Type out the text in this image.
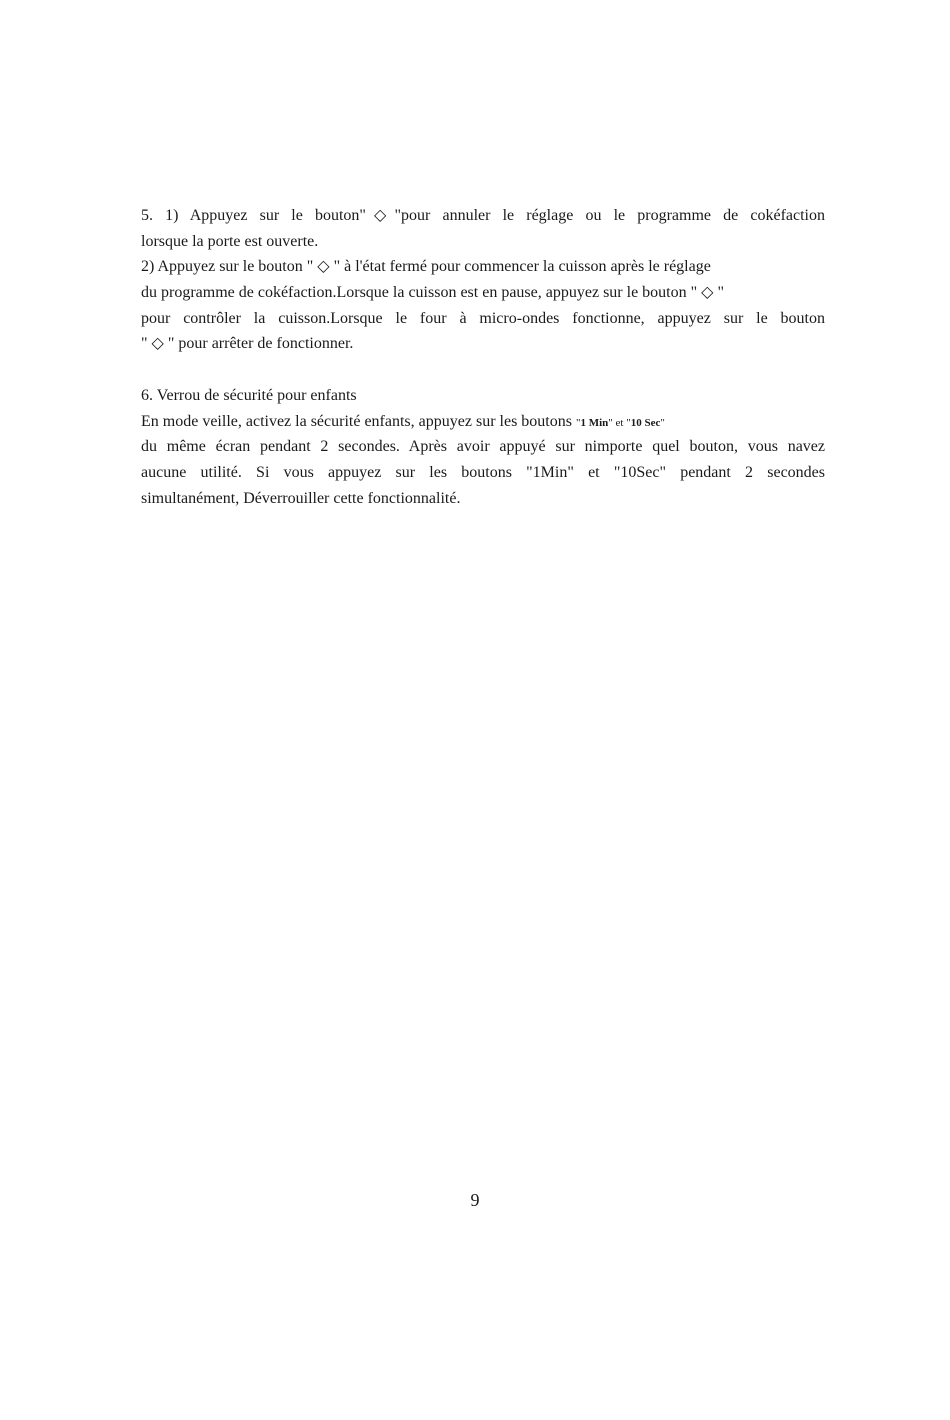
5. 1) Appuyez sur le bouton"◇"pour annuler le réglage ou le programme de cokéfaction
lorsque la porte est ouverte.
2) Appuyez sur le bouton " ◇ " à l'état fermé pour commencer la cuisson après le réglage
du programme de cokéfaction.Lorsque la cuisson est en pause, appuyez sur le bouton " ◇ "
pour contrôler la cuisson.Lorsque le four à micro-ondes fonctionne, appuyez sur le bouton
" ◇ " pour arrêter de fonctionner.
6. Verrou de sécurité pour enfants
En mode veille, activez la sécurité enfants, appuyez sur les boutons "1 Min" et "10 Sec"
du même écran pendant 2 secondes. Après avoir appuyé sur nimporte quel bouton, vous navez
aucune utilité. Si vous appuyez sur les boutons "1Min" et "10Sec" pendant 2 secondes
simultanément, Déverrouiller cette fonctionnalité.
9
